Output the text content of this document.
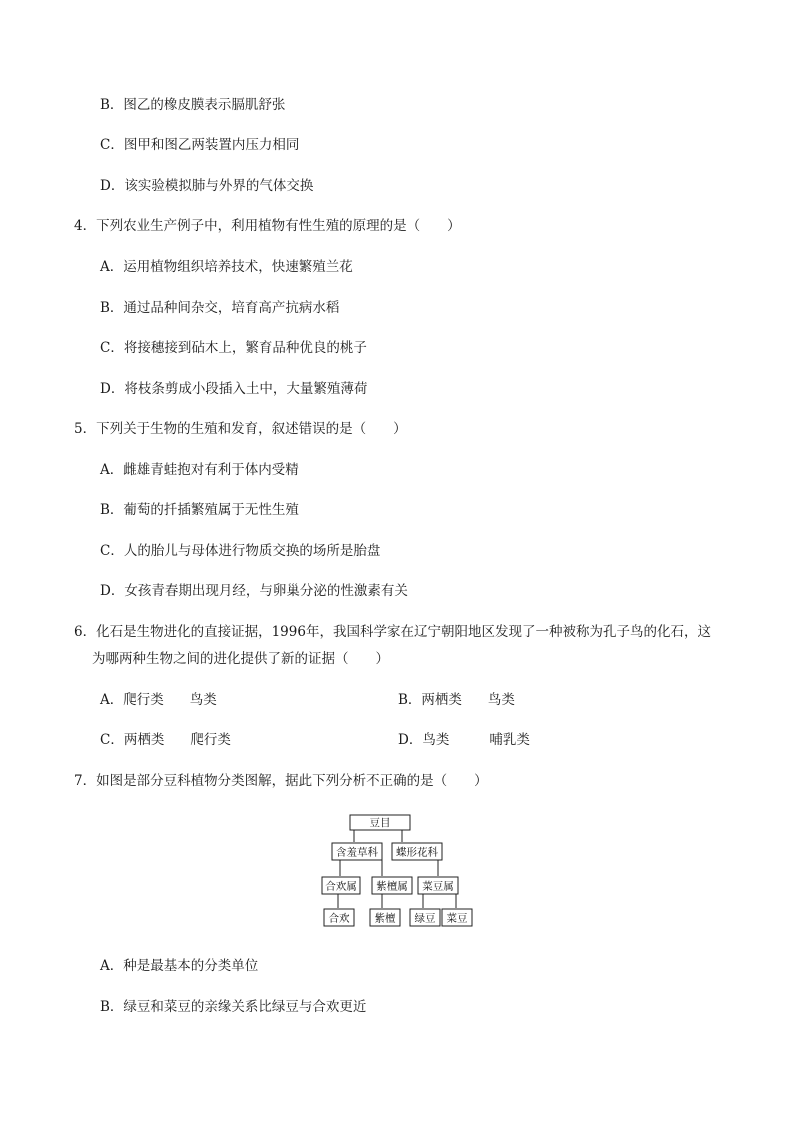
B．图乙的橡皮膜表示膈肌舒张
C．图甲和图乙两装置内压力相同
D．该实验模拟肺与外界的气体交换
4．下列农业生产例子中，利用植物有性生殖的原理的是（　　）
A．运用植物组织培养技术，快速繁殖兰花
B．通过品种间杂交，培育高产抗病水稻
C．将接穗接到砧木上，繁育品种优良的桃子
D．将枝条剪成小段插入土中，大量繁殖薄荷
5．下列关于生物的生殖和发育，叙述错误的是（　　）
A．雌雄青蛙抱对有利于体内受精
B．葡萄的扦插繁殖属于无性生殖
C．人的胎儿与母体进行物质交换的场所是胎盘
D．女孩青春期出现月经，与卵巢分泌的性激素有关
6．化石是生物进化的直接证据，1996年，我国科学家在辽宁朝阳地区发现了一种被称为孔子鸟的化石，这
为哪两种生物之间的进化提供了新的证据（　　）
A．爬行类 鸟类	B．两栖类 鸟类
C．两栖类 爬行类	D．鸟类	哺乳类
7．如图是部分豆科植物分类图解，据此下列分析不正确的是（　　）
豆目
含羞草科 蝶形花科
合欢属 紫檀属 菜豆属
合欢 紫檀 绿豆 菜豆
A．种是最基本的分类单位
B．绿豆和菜豆的亲缘关系比绿豆与合欢更近
